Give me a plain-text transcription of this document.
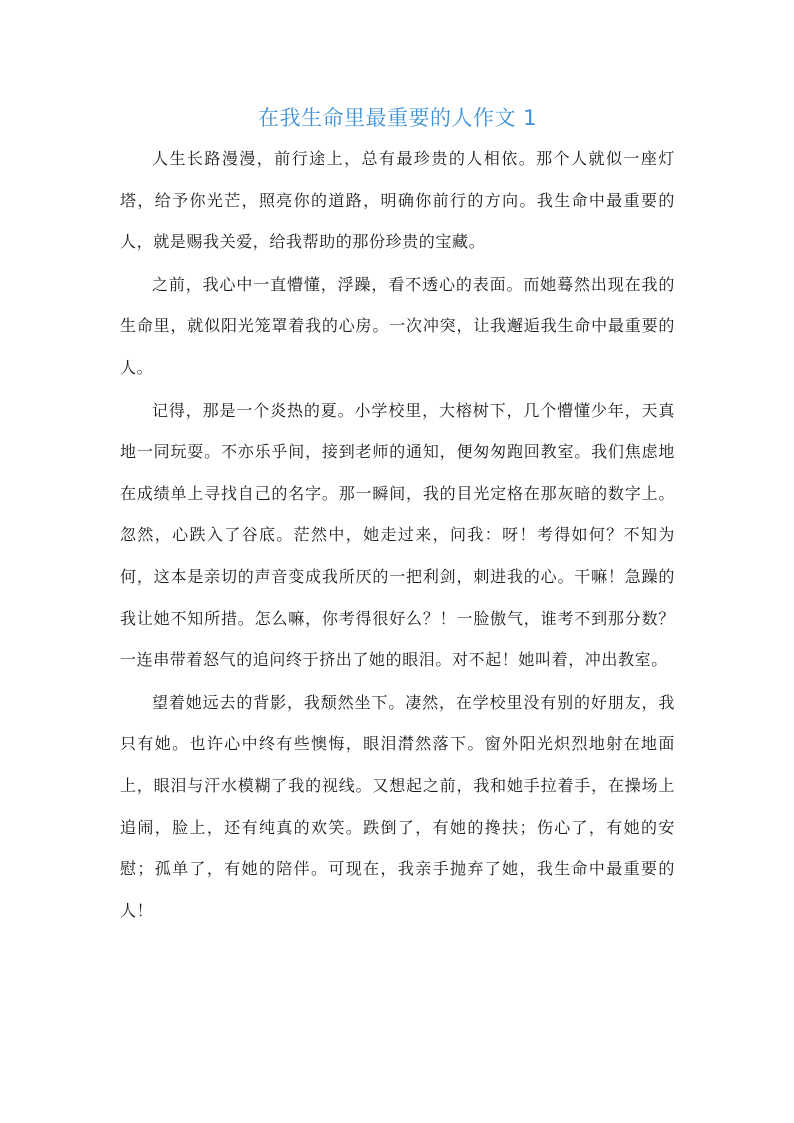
在我生命里最重要的人作文 1

人生长路漫漫，前行途上，总有最珍贵的人相依。那个人就似一座灯塔，给予你光芒，照亮你的道路，明确你前行的方向。我生命中最重要的人，就是赐我关爱，给我帮助的那份珍贵的宝藏。

之前，我心中一直懵懂，浮躁，看不透心的表面。而她蓦然出现在我的生命里，就似阳光笼罩着我的心房。一次冲突，让我邂逅我生命中最重要的人。

记得，那是一个炎热的夏。小学校里，大榕树下，几个懵懂少年，天真地一同玩耍。不亦乐乎间，接到老师的通知，便匆匆跑回教室。我们焦虑地在成绩单上寻找自己的名字。那一瞬间，我的目光定格在那灰暗的数字上。忽然，心跌入了谷底。茫然中，她走过来，问我：呀！考得如何？不知为何，这本是亲切的声音变成我所厌的一把利剑，刺进我的心。干嘛！急躁的我让她不知所措。怎么嘛，你考得很好么？！一脸傲气，谁考不到那分数？一连串带着怒气的追问终于挤出了她的眼泪。对不起！她叫着，冲出教室。

望着她远去的背影，我颓然坐下。凄然，在学校里没有别的好朋友，我只有她。也许心中终有些懊悔，眼泪潸然落下。窗外阳光炽烈地射在地面上，眼泪与汗水模糊了我的视线。又想起之前，我和她手拉着手，在操场上追闹，脸上，还有纯真的欢笑。跌倒了，有她的搀扶；伤心了，有她的安慰；孤单了，有她的陪伴。可现在，我亲手抛弃了她，我生命中最重要的人！
